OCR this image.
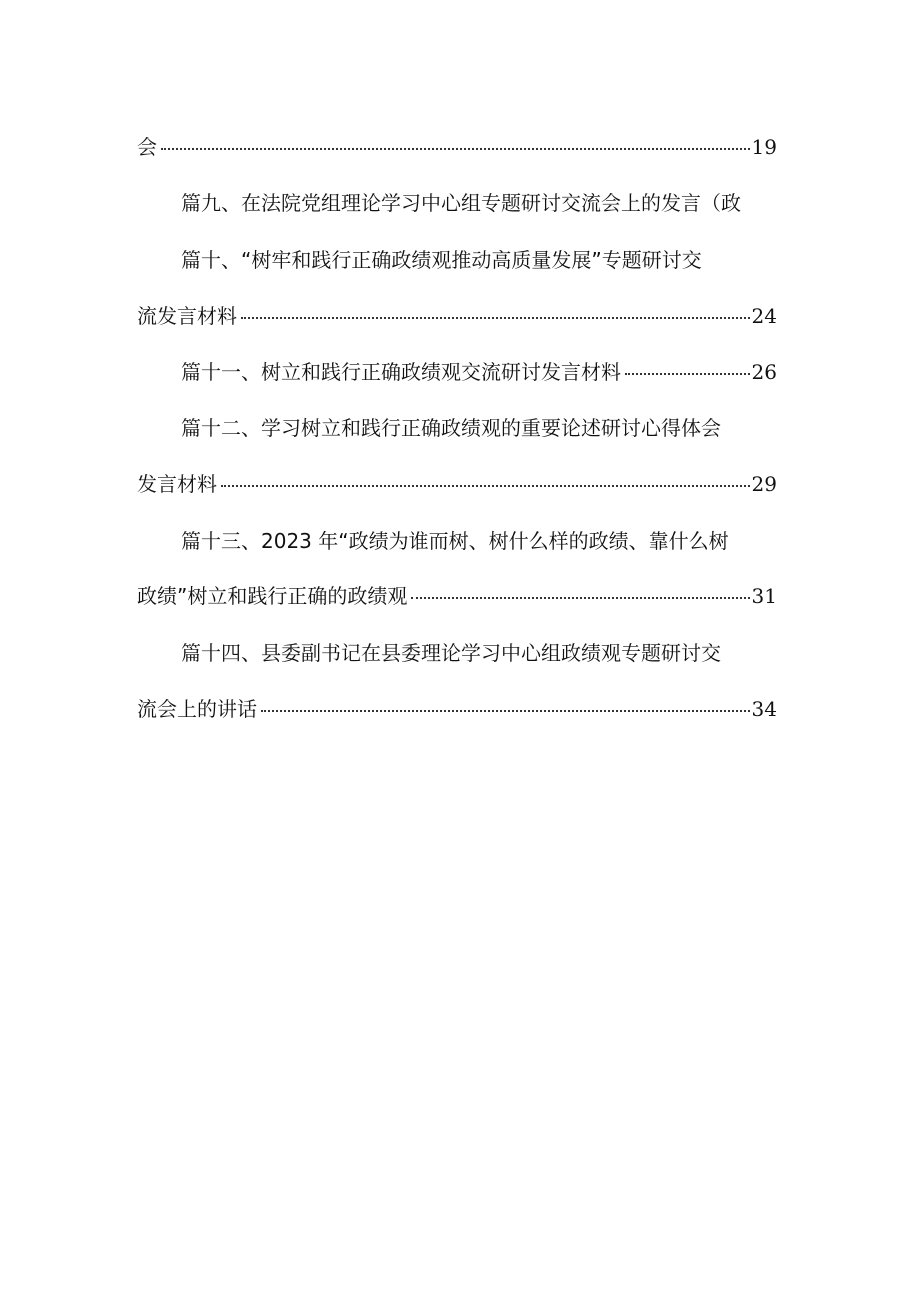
会	19
篇九、在法院党组理论学习中心组专题研讨交流会上的发言（政
篇十、“树牢和践行正确政绩观推动高质量发展”专题研讨交
流发言材料	24
篇十一、树立和践行正确政绩观交流研讨发言材料	26
篇十二、学习树立和践行正确政绩观的重要论述研讨心得体会
发言材料	29
篇十三、2023 年“政绩为谁而树、树什么样的政绩、靠什么树
政绩”树立和践行正确的政绩观	31
篇十四、县委副书记在县委理论学习中心组政绩观专题研讨交
流会上的讲话	34
